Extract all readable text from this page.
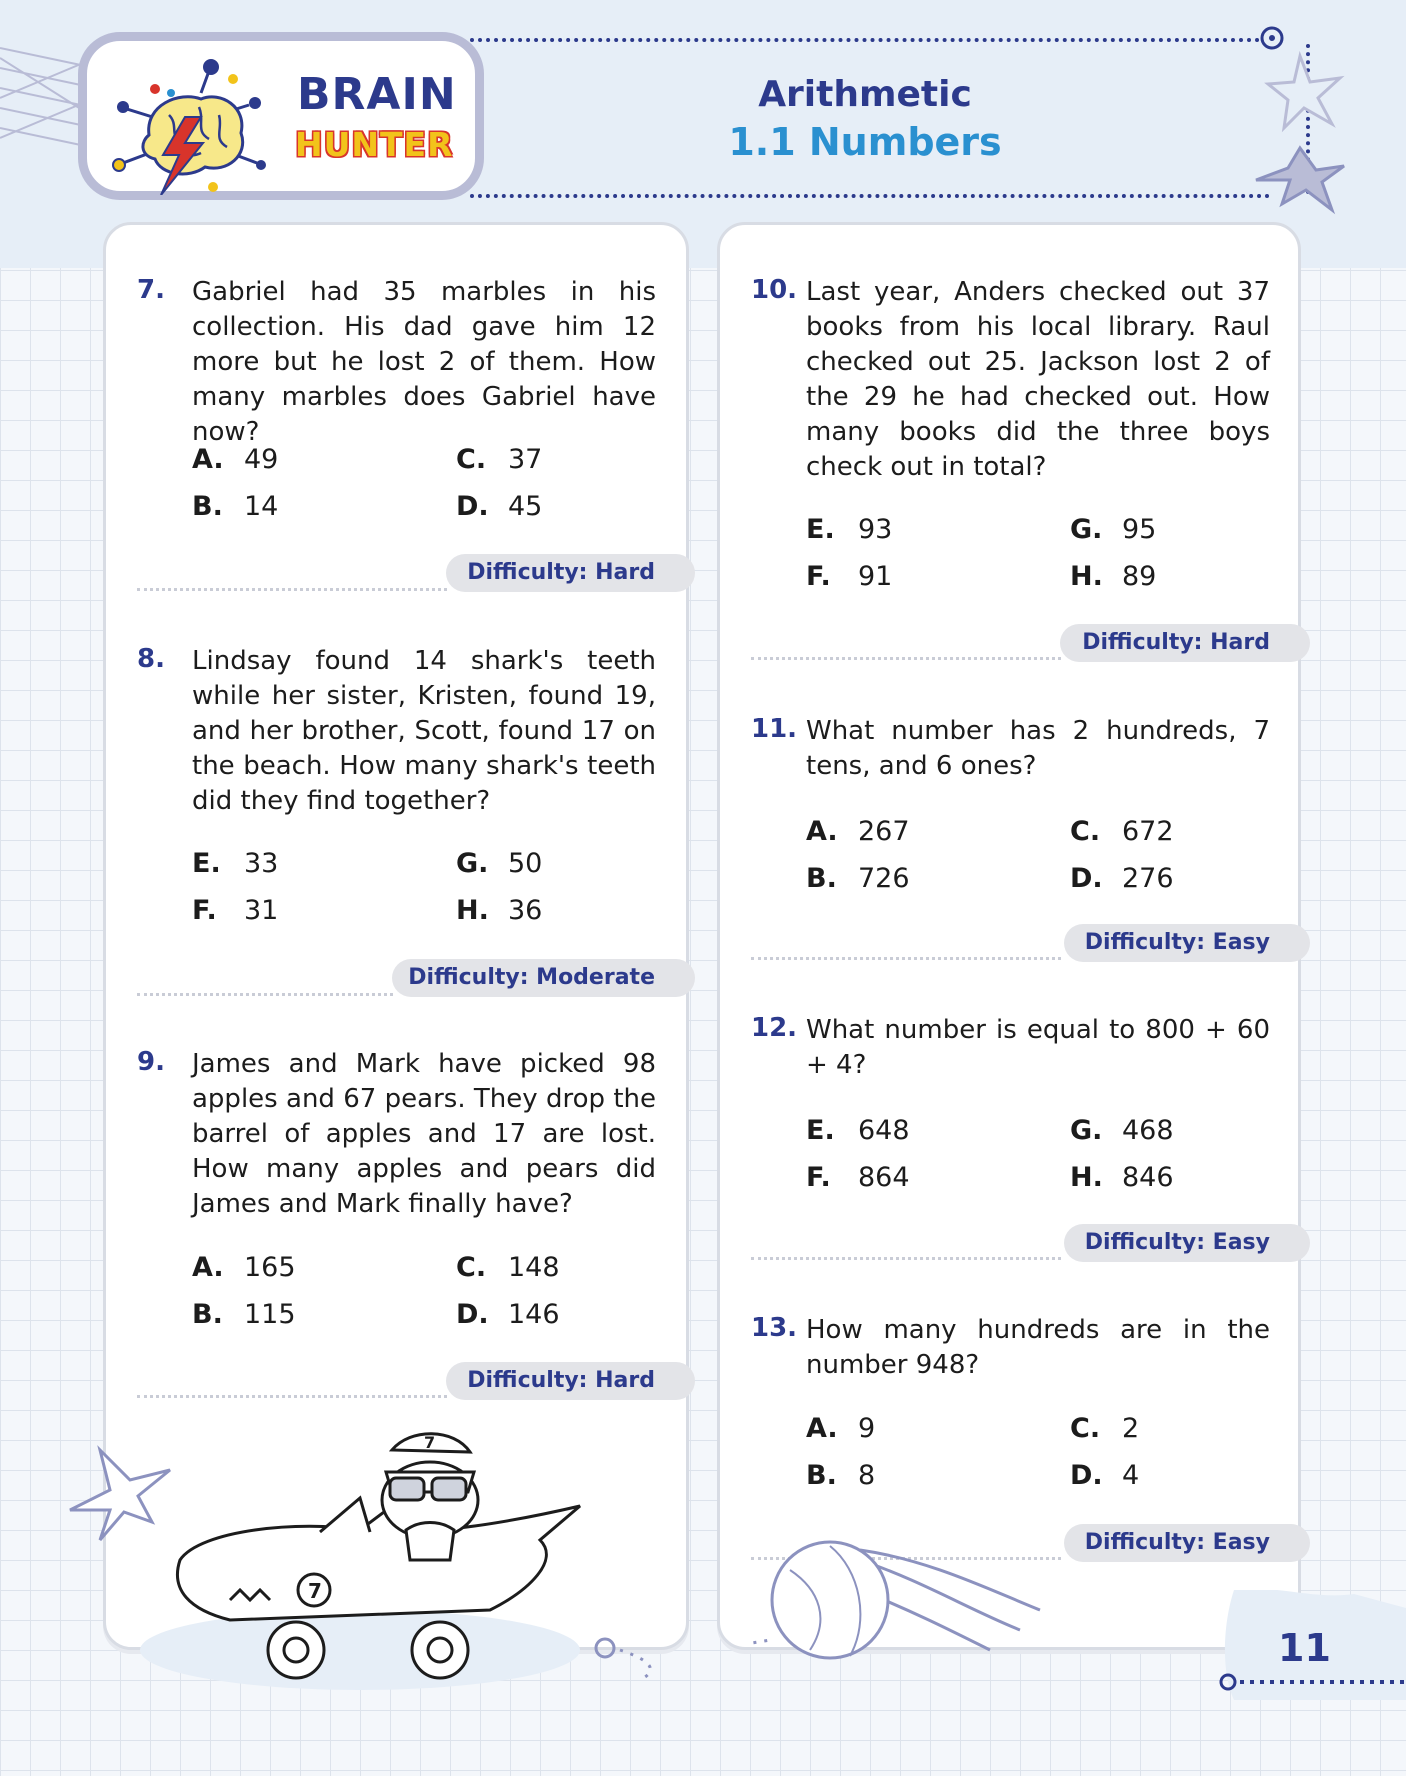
BRAIN
HUNTER
Arithmetic
1.1 Numbers
7. Gabriel had 35 marbles in his collection. His dad gave him 12 more but he lost 2 of them. How many marbles does Gabriel have now?
A. 49
B. 14
C. 37
D. 45
Difficulty: Hard
8. Lindsay found 14 shark's teeth while her sister, Kristen, found 19, and her brother, Scott, found 17 on the beach. How many shark's teeth did they find together?
E. 33
F. 31
G. 50
H. 36
Difficulty: Moderate
9. James and Mark have picked 98 apples and 67 pears. They drop the barrel of apples and 17 are lost. How many apples and pears did James and Mark finally have?
A. 165
B. 115
C. 148
D. 146
Difficulty: Hard
10. Last year, Anders checked out 37 books from his local library. Raul checked out 25. Jackson lost 2 of the 29 he had checked out. How many books did the three boys check out in total?
E. 93
F. 91
G. 95
H. 89
Difficulty: Hard
11. What number has 2 hundreds, 7 tens, and 6 ones?
A. 267
B. 726
C. 672
D. 276
Difficulty: Easy
12. What number is equal to 800 + 60 + 4?
E. 648
F. 864
G. 468
H. 846
Difficulty: Easy
13. How many hundreds are in the number 948?
A. 9
B. 8
C. 2
D. 4
Difficulty: Easy
7
7
11
